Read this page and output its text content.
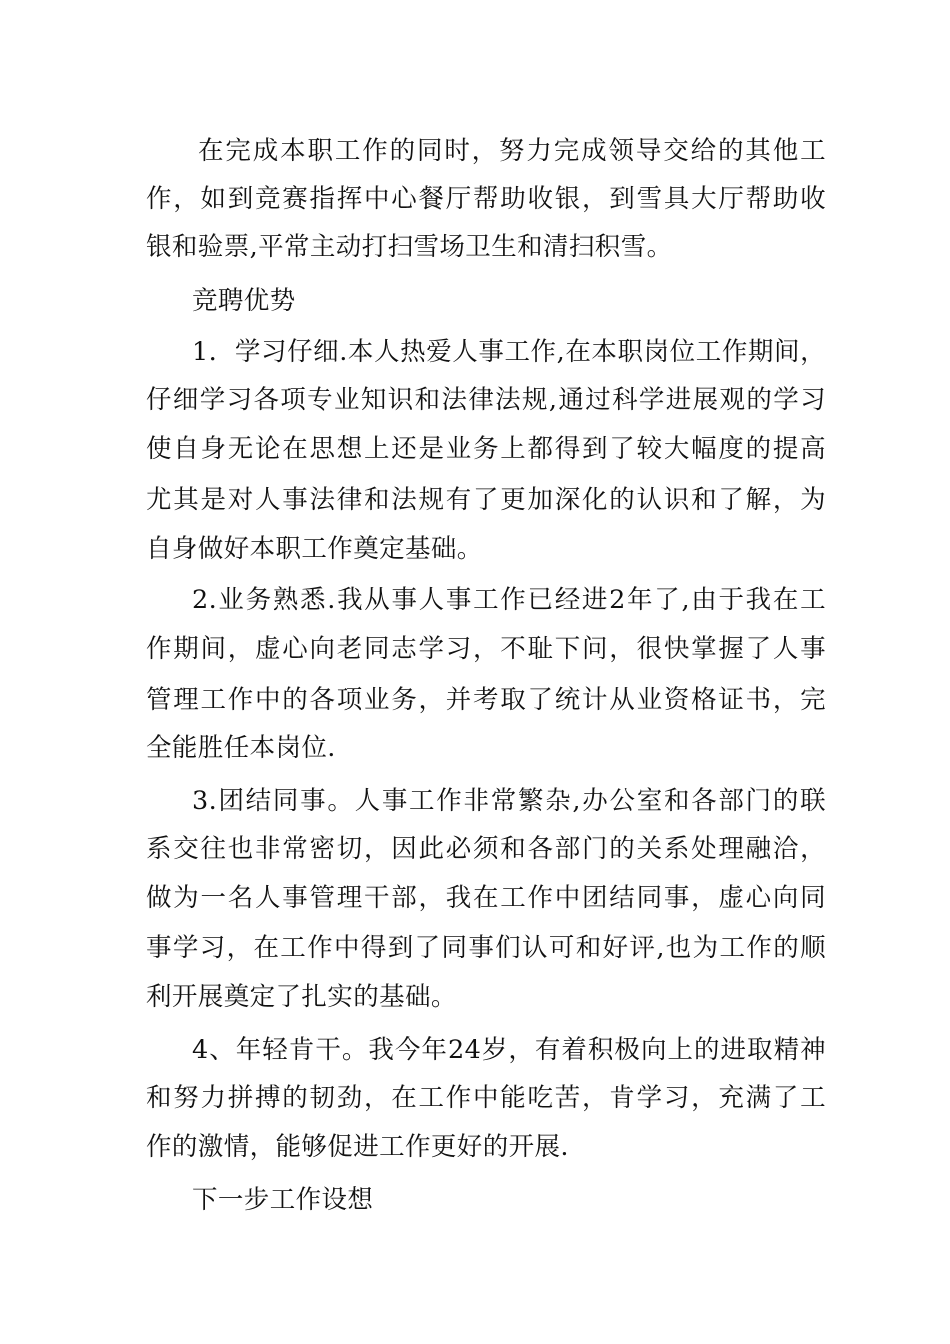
在完成本职工作的同时，努力完成领导交给的其他工
作，如到竞赛指挥中心餐厅帮助收银，到雪具大厅帮助收
银和验票,平常主动打扫雪场卫生和清扫积雪。
竞聘优势
1．学习仔细.本人热爱人事工作,在本职岗位工作期间，
仔细学习各项专业知识和法律法规,通过科学进展观的学习
使自身无论在思想上还是业务上都得到了较大幅度的提高
尤其是对人事法律和法规有了更加深化的认识和了解，为
自身做好本职工作奠定基础。
2.业务熟悉.我从事人事工作已经进2年了,由于我在工
作期间，虚心向老同志学习，不耻下问，很快掌握了人事
管理工作中的各项业务，并考取了统计从业资格证书，完
全能胜任本岗位.
3.团结同事。人事工作非常繁杂,办公室和各部门的联
系交往也非常密切，因此必须和各部门的关系处理融洽，
做为一名人事管理干部，我在工作中团结同事，虚心向同
事学习，在工作中得到了同事们认可和好评,也为工作的顺
利开展奠定了扎实的基础。
4、年轻肯干。我今年24岁，有着积极向上的进取精神
和努力拼搏的韧劲，在工作中能吃苦，肯学习，充满了工
作的激情，能够促进工作更好的开展.
下一步工作设想
